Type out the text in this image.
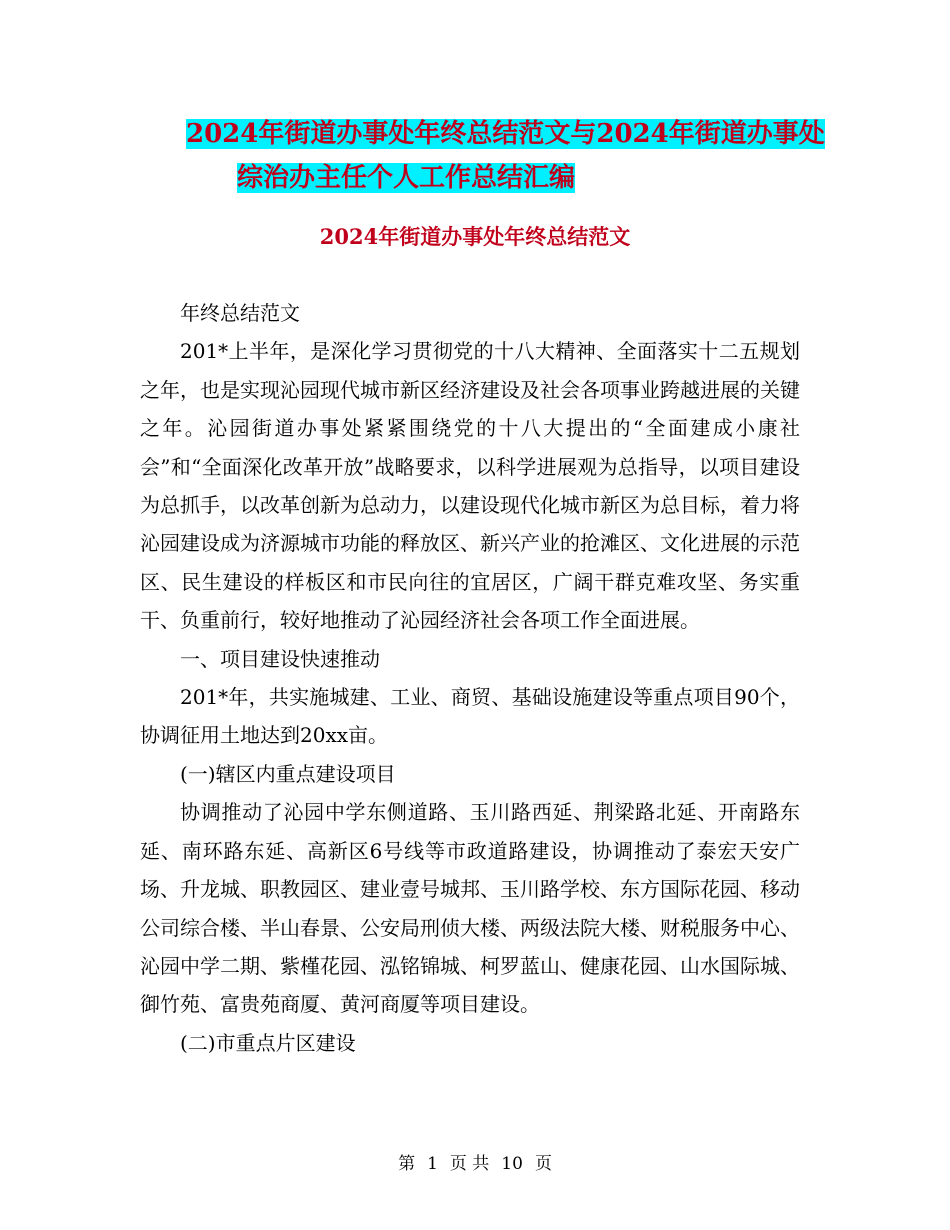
2024年街道办事处年终总结范文与2024年街道办事处
综治办主任个人工作总结汇编
2024年街道办事处年终总结范文

年终总结范文

201*上半年，是深化学习贯彻党的十八大精神、全面落实十二五规划之年，也是实现沁园现代城市新区经济建设及社会各项事业跨越进展的关键之年。沁园街道办事处紧紧围绕党的十八大提出的“全面建成小康社会”和“全面深化改革开放”战略要求，以科学进展观为总指导，以项目建设为总抓手，以改革创新为总动力，以建设现代化城市新区为总目标，着力将沁园建设成为济源城市功能的释放区、新兴产业的抢滩区、文化进展的示范区、民生建设的样板区和市民向往的宜居区，广阔干群克难攻坚、务实重干、负重前行，较好地推动了沁园经济社会各项工作全面进展。

一、项目建设快速推动

201*年，共实施城建、工业、商贸、基础设施建设等重点项目90个，协调征用土地达到20xx亩。

(一)辖区内重点建设项目

协调推动了沁园中学东侧道路、玉川路西延、荆梁路北延、开南路东延、南环路东延、高新区6号线等市政道路建设，协调推动了泰宏天安广场、升龙城、职教园区、建业壹号城邦、玉川路学校、东方国际花园、移动公司综合楼、半山春景、公安局刑侦大楼、两级法院大楼、财税服务中心、沁园中学二期、紫槿花园、泓铭锦城、柯罗蓝山、健康花园、山水国际城、御竹苑、富贵苑商厦、黄河商厦等项目建设。

(二)市重点片区建设

第 1 页 共 10 页
